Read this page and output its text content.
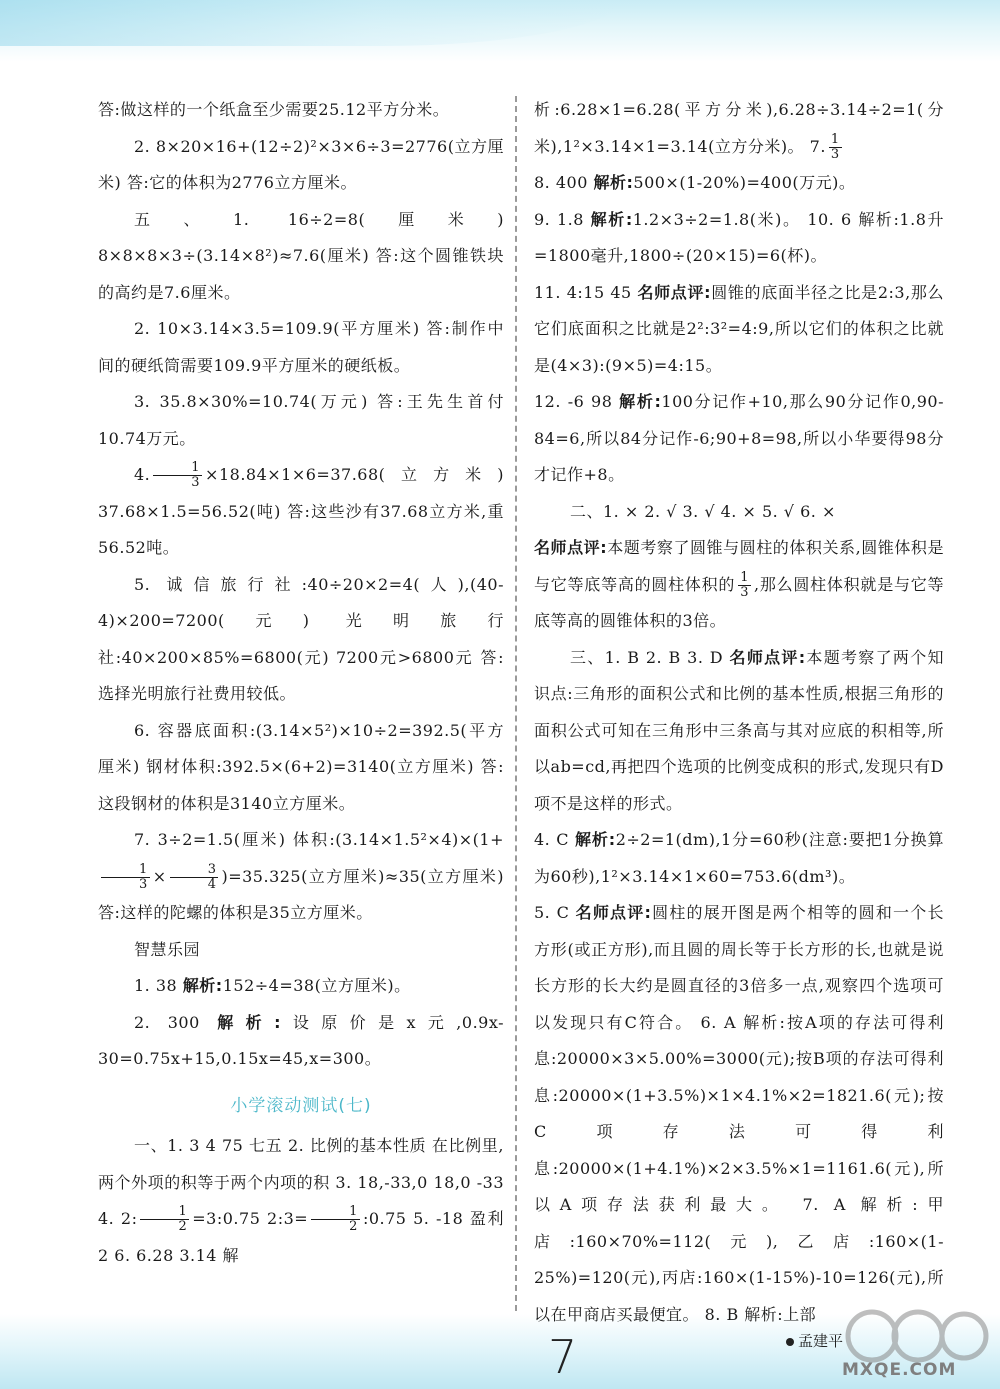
答:做这样的一个纸盒至少需要25.12平方分米。

2. 8×20×16+(12÷2)²×3×6÷3=2776(立方厘米) 答:它的体积为2776立方厘米。

五、1. 16÷2=8(厘米) 8×8×8×3÷(3.14×8²)≈7.6(厘米) 答:这个圆锥铁块的高约是7.6厘米。

2. 10×3.14×3.5=109.9(平方厘米) 答:制作中间的硬纸筒需要109.9平方厘米的硬纸板。

3. 35.8×30%=10.74(万元) 答:王先生首付10.74万元。

4. $\frac{1}{3} \times 18.84\times 1\times 6=37.68$(立方米) 37.68×1.5=56.52(吨) 答:这些沙有37.68立方米,重56.52吨。

5. 诚信旅行社:40÷20×2=4(人),(40-4)×200=7200(元) 光明旅行社:40×200×85%=6800(元) 7200元>6800元 答:选择光明旅行社费用较低。

6. 容器底面积:(3.14×5²)×10÷2=392.5(平方厘米) 钢材体积:392.5×(6+2)=3140(立方厘米) 答:这段钢材的体积是3140立方厘米。

7. 3÷2=1.5(厘米) 体积:(3.14×1.5²×4)×(1+
$\frac{1}{3} \times \frac{3}{4} )=35.325$(立方厘米)≈35(立方厘米) 答:这样的陀螺的体积是35立方厘米。

智慧乐园

1. 38 解析:152÷4=38(立方厘米)。

2. 300 解析:设原价是x元,0.9x-30=0.75x+15,0.15x=45,x=300。

小学滚动测试(七)

一、1. 3 4 75 七五 2. 比例的基本性质 在比例里,两个外项的积等于两个内项的积 3. 18,-33,0 18,0 -33 4. 2: $\frac{1}{2}$ =3:0.75 2:3= $\frac{1}{2}$ :0.75 5. -18 盈利2 6. 6.28 3.14 解

析:6.28×1=6.28(平方分米),6.28÷3.14÷2=1(分米),1²×3.14×1=3.14(立方分米)。 7. $\frac{1}{3}$

8. 400 解析:500×(1-20%)=400(万元)。

9. 1.8 解析:1.2×3÷2=1.8(米)。 10. 6 解析:1.8升=1800毫升,1800÷(20×15)=6(杯)。

11. 4:15 45 名师点评:圆锥的底面半径之比是2:3,那么它们底面积之比就是2²:3²=4:9,所以它们的体积之比就是(4×3):(9×5)=4:15。

12. -6 98 解析:100分记作+10,那么90分记作0,90-84=6,所以84分记作-6;90+8=98,所以小华要得98分才记作+8。

二、1. × 2. √ 3. √ 4. × 5. √ 6. ×

名师点评:本题考察了圆锥与圆柱的体积关系,圆锥体积是与它等底等高的圆柱体积的 $\frac{1}{3}$ ,那么圆柱体积就是与它等底等高的圆锥体积的3倍。

三、1. B 2. B 3. D 名师点评:本题考察了两个知识点:三角形的面积公式和比例的基本性质,根据三角形的面积公式可知在三角形中三条高与其对应底的积相等,所以ab=cd,再把四个选项的比例变成积的形式,发现只有D项不是这样的形式。

4. C 解析:2÷2=1(dm),1分=60秒(注意:要把1分换算为60秒),1²×3.14×1×60=753.6(dm³)。

5. C 名师点评:圆柱的展开图是两个相等的圆和一个长方形(或正方形),而且圆的周长等于长方形的长,也就是说长方形的长大约是圆直径的3倍多一点,观察四个选项可以发现只有C符合。 6. A 解析:按A项的存法可得利息:20000×3×5.00%=3000(元);按B项的存法可得利息:20000×(1+3.5%)×1×4.1%×2=1821.6(元);按C项存法可得利息:20000×(1+4.1%)×2×3.5%×1=1161.6(元),所以A项存法获利最大。 7. A 解析:甲店:160×70%=112(元),乙店:160×(1-25%)=120(元),丙店:160×(1-15%)-10=126(元),所以在甲商店买最便宜。 8. B 解析:上部

7	孟建平
MXQE.COM
